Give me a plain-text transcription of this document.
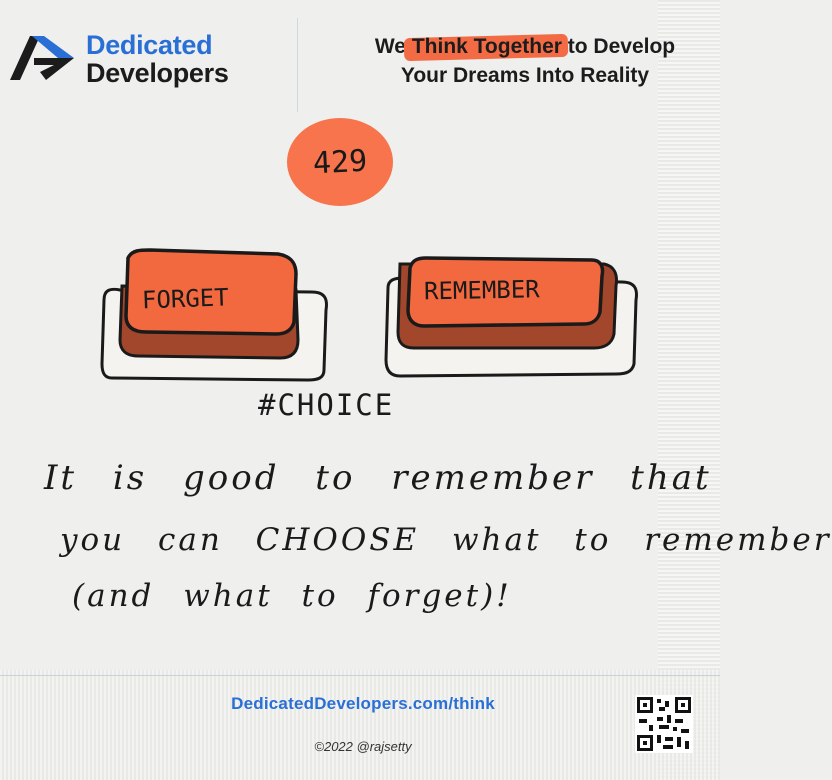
Dedicated
Developers
We Think Together to Develop
Your Dreams Into Reality
429
FORGET	REMEMBER
#CHOICE
It is good to remember that
you can CHOOSE what to remember
(and what to forget)!
DedicatedDevelopers.com/think
©2022 @rajsetty
